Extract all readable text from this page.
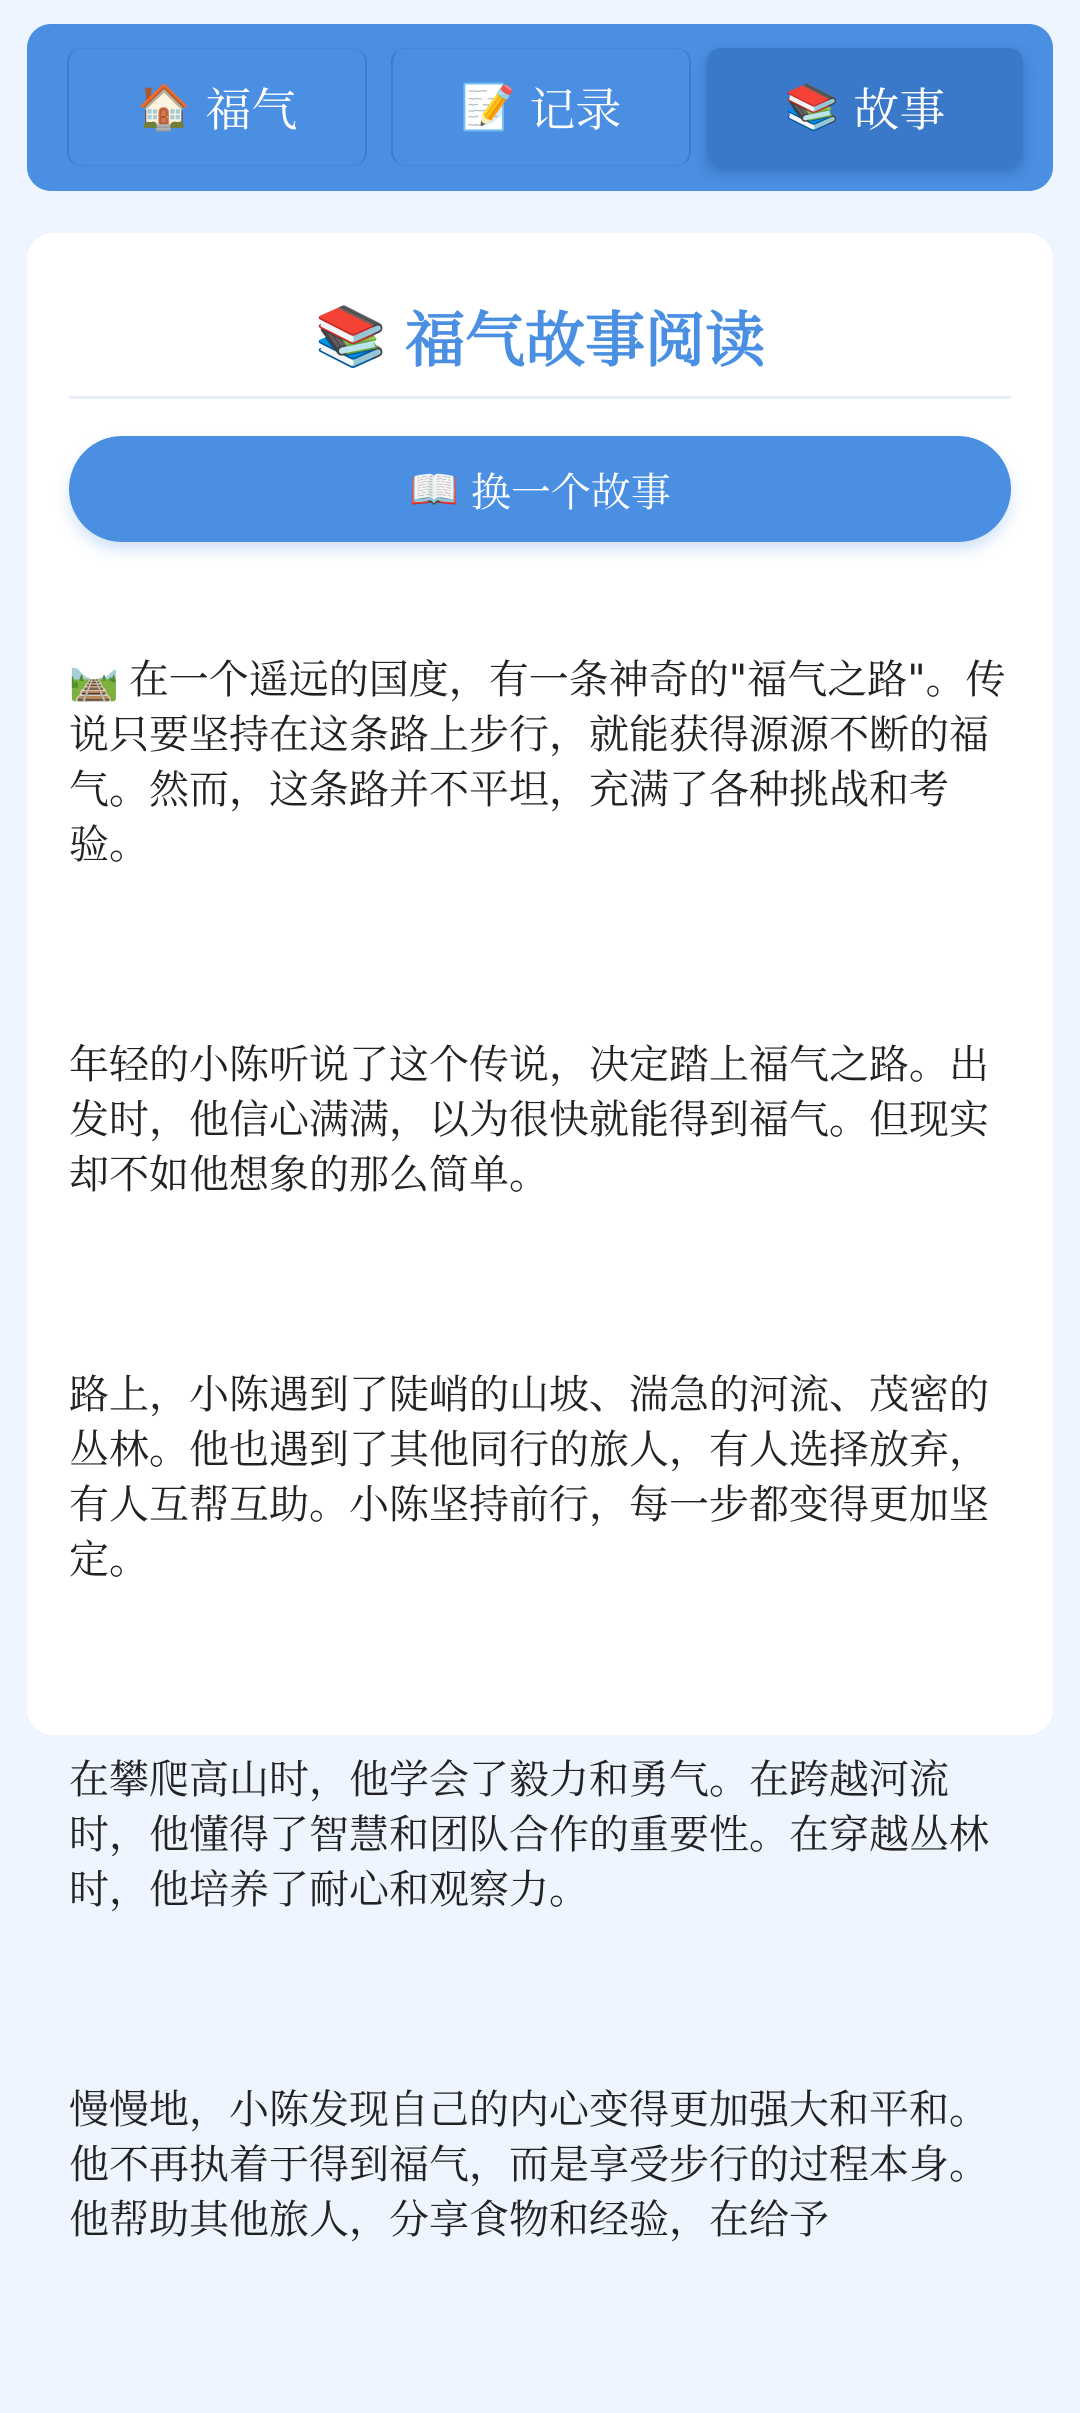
🏠 福气	📝 记录	📚 故事
📚 福气故事阅读
📖 换一个故事

🛤️ 在一个遥远的国度，有一条神奇的"福气之路"。传说只要坚持在这条路上步行，就能获得源源不断的福气。然而，这条路并不平坦，充满了各种挑战和考验。

年轻的小陈听说了这个传说，决定踏上福气之路。出发时，他信心满满，以为很快就能得到福气。但现实却不如他想象的那么简单。

路上，小陈遇到了陡峭的山坡、湍急的河流、茂密的丛林。他也遇到了其他同行的旅人，有人选择放弃，有人互帮互助。小陈坚持前行，每一步都变得更加坚定。

在攀爬高山时，他学会了毅力和勇气。在跨越河流时，他懂得了智慧和团队合作的重要性。在穿越丛林时，他培养了耐心和观察力。

慢慢地，小陈发现自己的内心变得更加强大和平和。他不再执着于得到福气，而是享受步行的过程本身。他帮助其他旅人，分享食物和经验，在给予
